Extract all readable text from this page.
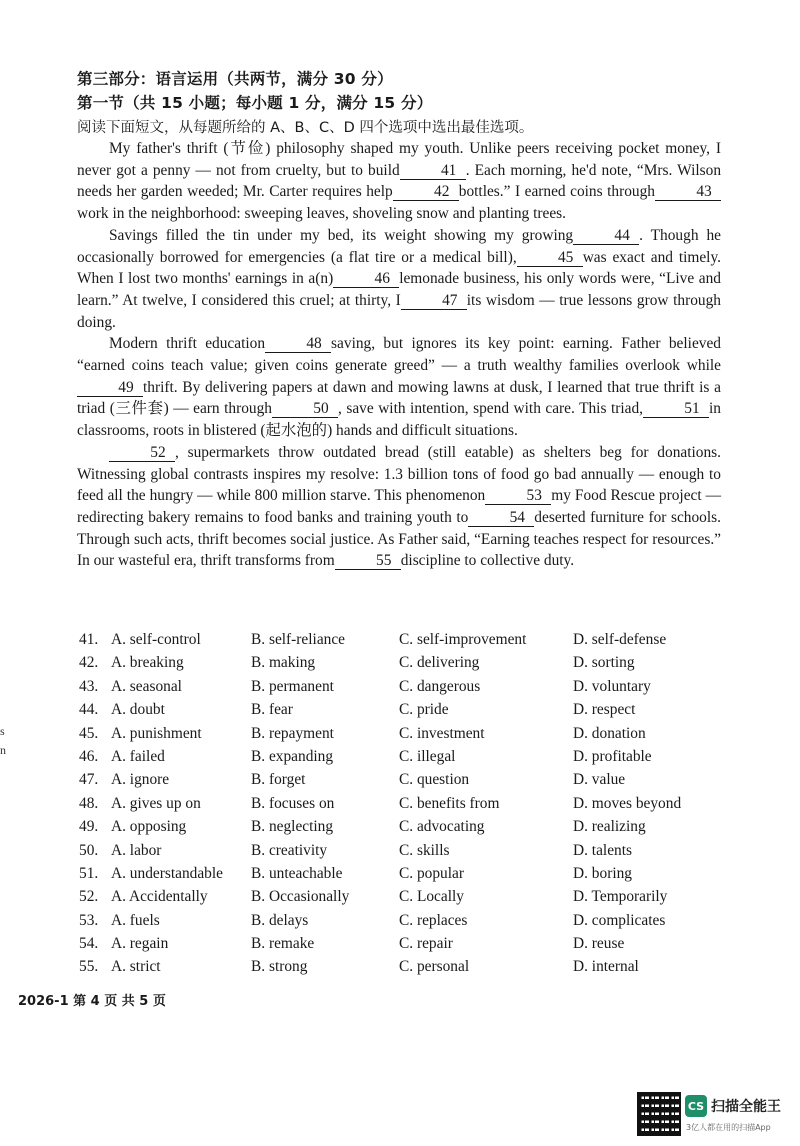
第三部分：语言运用（共两节，满分 30 分）
第一节（共 15 小题；每小题 1 分，满分 15 分）
阅读下面短文，从每题所给的 A、B、C、D 四个选项中选出最佳选项。

My father's thrift (节俭) philosophy shaped my youth. Unlike peers receiving pocket money, I never got a penny — not from cruelty, but to build	41 . Each morning, he'd note, “Mrs. Wilson needs her garden weeded; Mr. Carter requires help	42 bottles.” I earned coins through	43work in the neighborhood: sweeping leaves, shoveling snow and planting trees.

Savings filled the tin under my bed, its weight showing my growing	44 . Though he occasionally borrowed for emergencies (a flat tire or a medical bill),	45 was exact and timely. When I lost two months' earnings in a(n)	46 lemonade business, his only words were, “Live and learn.” At twelve, I considered this cruel; at thirty, I	47 its wisdom — true lessons grow through doing.

Modern thrift education	48 saving, but ignores its key point: earning. Father believed “earned coins teach value; given coins generate greed” — a truth wealthy families overlook while49 thrift. By delivering papers at dawn and mowing lawns at dusk, I learned that true thrift is a triad (三件套) — earn through	50 , save with intention, spend with care. This triad,	51 in classrooms, roots in blistered (起水泡的) hands and difficult situations.

52 , supermarkets throw outdated bread (still eatable) as shelters beg for donations. Witnessing global contrasts inspires my resolve: 1.3 billion tons of food go bad annually — enough to feed all the hungry — while 800 million starve. This phenomenon	53 my Food Rescue project — redirecting bakery remains to food banks and training youth to	54 deserted furniture for schools. Through such acts, thrift becomes social justice. As Father said, “Earning teaches respect for resources.” In our wasteful era, thrift transforms from	55 discipline to collective duty.

41. A. self-control	B. self-reliance	C. self-improvement	D. self-defense
42. A. breaking	B. making	C. delivering	D. sorting
43. A. seasonal	B. permanent	C. dangerous	D. voluntary
44. A. doubt	B. fear	C. pride	D. respect
45. A. punishment	B. repayment	C. investment	D. donation
46. A. failed	B. expanding	C. illegal	D. profitable
47. A. ignore	B. forget	C. question	D. value
48. A. gives up on	B. focuses on	C. benefits from	D. moves beyond
49. A. opposing	B. neglecting	C. advocating	D. realizing
50. A. labor	B. creativity	C. skills	D. talents
51. A. understandable B. unteachable	C. popular	D. boring
52. A. Accidentally	B. Occasionally	C. Locally	D. Temporarily
53. A. fuels	B. delays	C. replaces	D. complicates
54. A. regain	B. remake	C. repair	D. reuse
55. A. strict	B. strong	C. personal	D. internal
s
n
2026-1 第 4 页 共 5 页
CS 扫描全能王
3亿人都在用的扫描App
